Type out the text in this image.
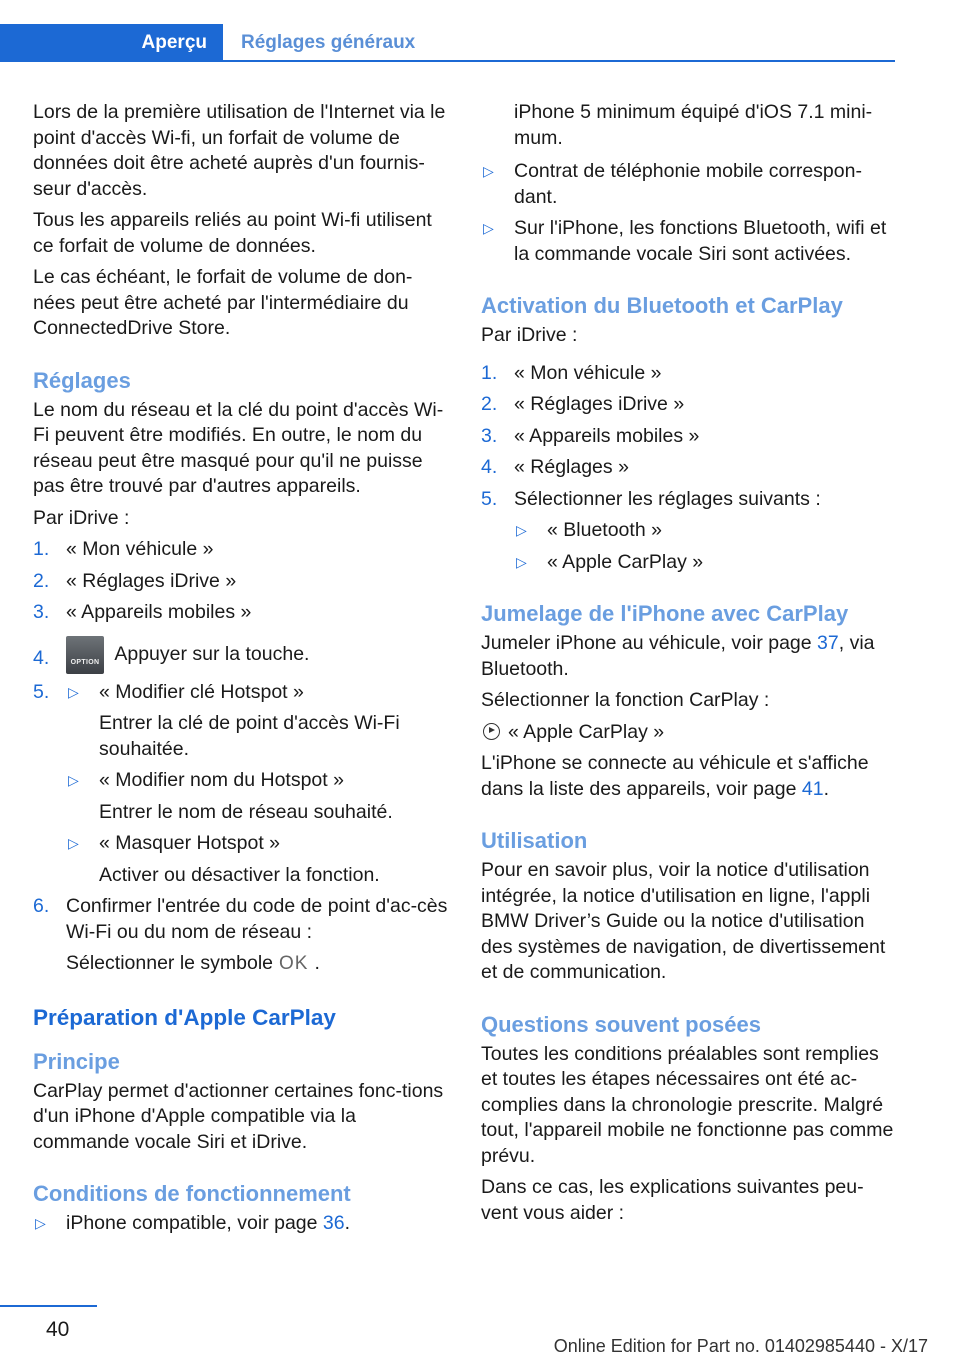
Aperçu	Réglages généraux

Lors de la première utilisation de l'Internet via le point d'accès Wi-fi, un forfait de volume de données doit être acheté auprès d'un fournis-seur d'accès.

Tous les appareils reliés au point Wi-fi utilisent ce forfait de volume de données.

Le cas échéant, le forfait de volume de don-nées peut être acheté par l'intermédiaire du ConnectedDrive Store.

Réglages

Le nom du réseau et la clé du point d'accès Wi-Fi peuvent être modifiés. En outre, le nom du réseau peut être masqué pour qu'il ne puisse pas être trouvé par d'autres appareils.

Par iDrive :

1. « Mon véhicule »
2. « Réglages iDrive »
3. « Appareils mobiles »
4.	OPTION Appuyer sur la touche.
5. ▷ « Modifier clé Hotspot »
Entrer la clé de point d'accès Wi-Fi souhaitée.
▷ « Modifier nom du Hotspot »
Entrer le nom de réseau souhaité.
▷ « Masquer Hotspot »
Activer ou désactiver la fonction.
6. Confirmer l'entrée du code de point d'ac-cès Wi-Fi ou du nom de réseau :
Sélectionner le symbole OK .
Préparation d'Apple CarPlay
Principe

CarPlay permet d'actionner certaines fonc-tions d'un iPhone d'Apple compatible via la commande vocale Siri et iDrive.

Conditions de fonctionnement
▷ iPhone compatible, voir page 36.
iPhone 5 minimum équipé d'iOS 7.1 mini-mum.
▷ Contrat de téléphonie mobile correspon-dant.
▷ Sur l'iPhone, les fonctions Bluetooth, wifi et la commande vocale Siri sont activées.
Activation du Bluetooth et CarPlay

Par iDrive :

1. « Mon véhicule »
2. « Réglages iDrive »
3. « Appareils mobiles »
4. « Réglages »
5. Sélectionner les réglages suivants :
▷ « Bluetooth »
▷ « Apple CarPlay »
Jumelage de l'iPhone avec CarPlay

Jumeler iPhone au véhicule, voir page 37, via Bluetooth.

Sélectionner la fonction CarPlay :

« Apple CarPlay »

L'iPhone se connecte au véhicule et s'affiche dans la liste des appareils, voir page 41.

Utilisation

Pour en savoir plus, voir la notice d'utilisation intégrée, la notice d'utilisation en ligne, l'appli BMW Driver’s Guide ou la notice d'utilisation des systèmes de navigation, de divertissement et de communication.

Questions souvent posées

Toutes les conditions préalables sont remplies et toutes les étapes nécessaires ont été ac-complies dans la chronologie prescrite. Malgré tout, l'appareil mobile ne fonctionne pas comme prévu.

Dans ce cas, les explications suivantes peu-vent vous aider :

40
Online Edition for Part no. 01402985440 - X/17
